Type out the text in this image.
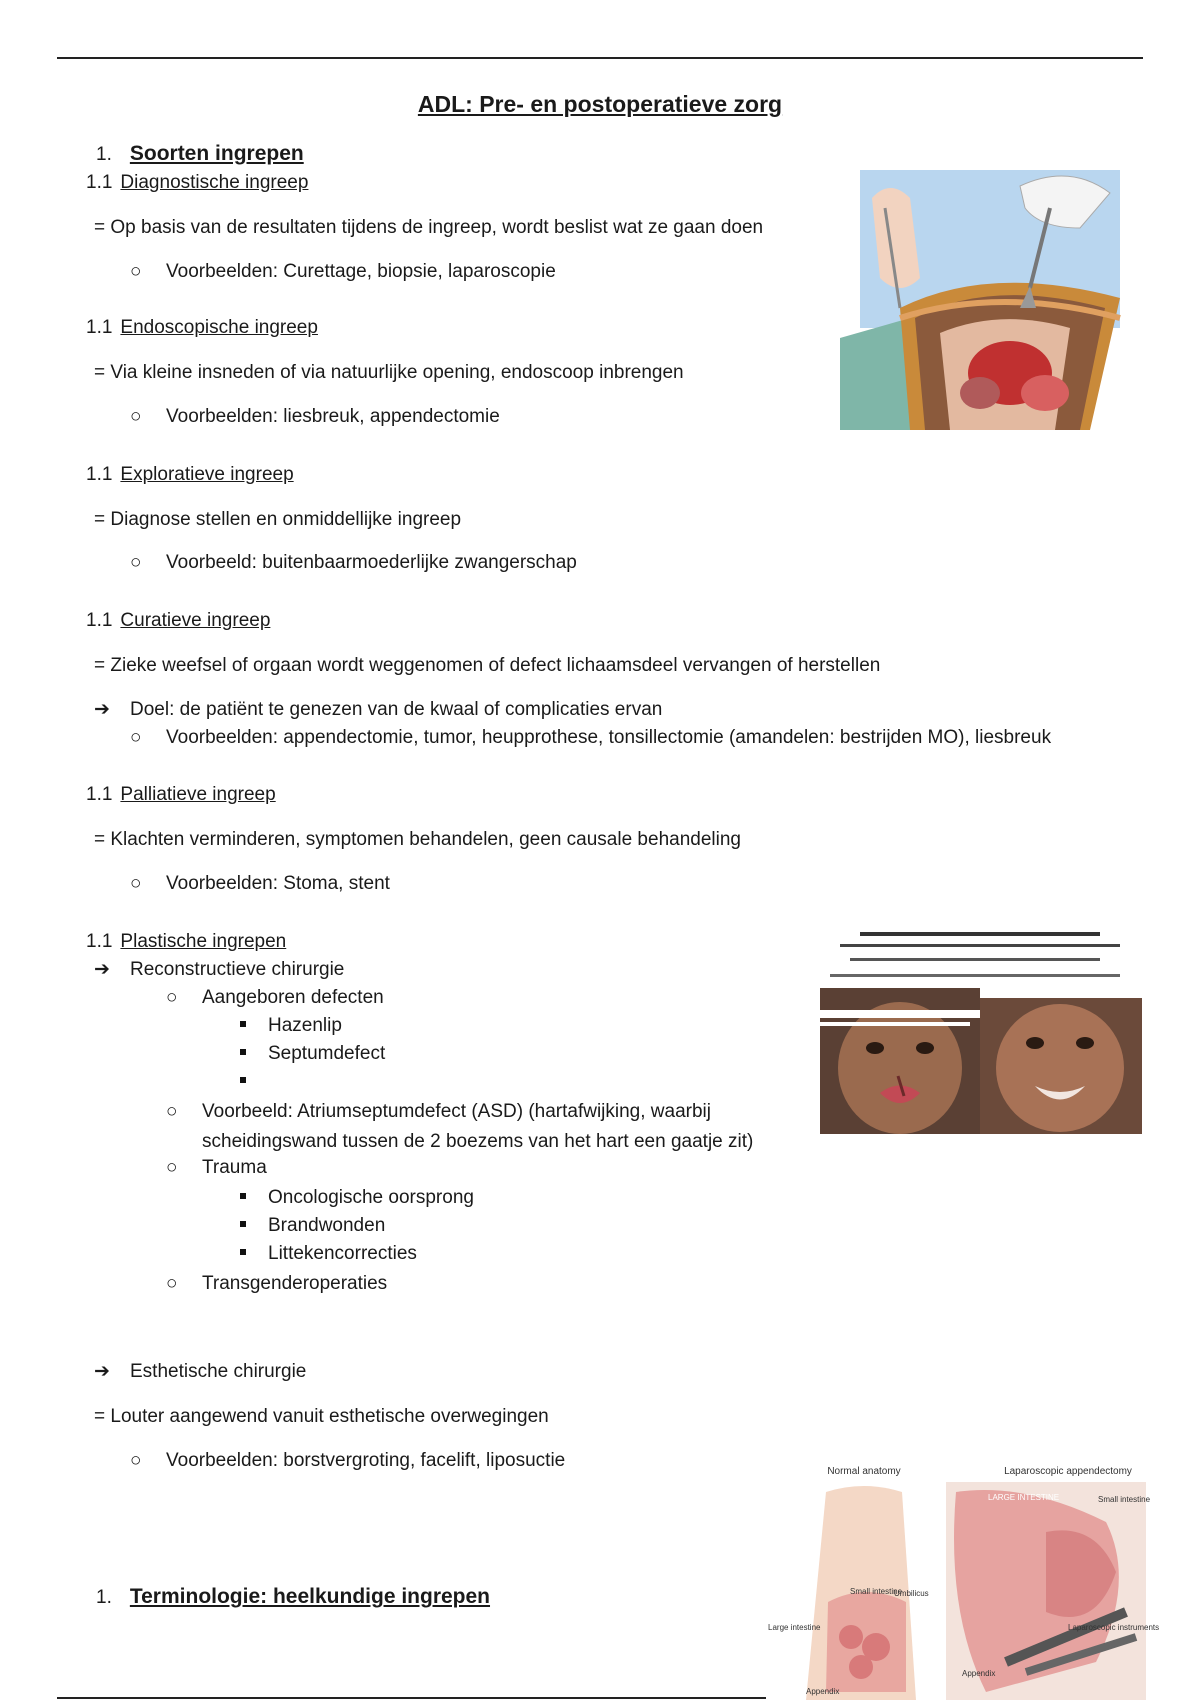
ADL: Pre- en postoperatieve zorg
1. Soorten ingrepen
1.1 Diagnostische ingreep
= Op basis van de resultaten tijdens de ingreep, wordt beslist wat ze gaan doen
○ Voorbeelden: Curettage, biopsie, laparoscopie
1.1 Endoscopische ingreep
= Via kleine insneden of via natuurlijke opening, endoscoop inbrengen
○ Voorbeelden: liesbreuk, appendectomie
1.1 Exploratieve ingreep
= Diagnose stellen en onmiddellijke ingreep
○ Voorbeeld: buitenbaarmoederlijke zwangerschap
1.1 Curatieve ingreep
= Zieke weefsel of orgaan wordt weggenomen of defect lichaamsdeel vervangen of herstellen
➔ Doel: de patiënt te genezen van de kwaal of complicaties ervan
○ Voorbeelden: appendectomie, tumor, heupprothese, tonsillectomie (amandelen: bestrijden MO), liesbreuk
1.1 Palliatieve ingreep
= Klachten verminderen, symptomen behandelen, geen causale behandeling
○ Voorbeelden: Stoma, stent
1.1 Plastische ingrepen
➔ Reconstructieve chirurgie
○ Aangeboren defecten
Hazenlip
Septumdefect
○ Voorbeeld: Atriumseptumdefect (ASD) (hartafwijking, waarbij
scheidingswand tussen de 2 boezems van het hart een gaatje zit)
○ Trauma
Oncologische oorsprong
Brandwonden
Littekencorrecties
○ Transgenderoperaties
➔ Esthetische chirurgie
= Louter aangewend vanuit esthetische overwegingen
○ Voorbeelden: borstvergroting, facelift, liposuctie
1. Terminologie: heelkundige ingrepen
Normal anatomy	Laparoscopic appendectomy
LARGE INTESTINE	Small intestine
Small intestine
Umbilicus
Large intestine	Laparoscopic instruments
Appendix
Appendix
